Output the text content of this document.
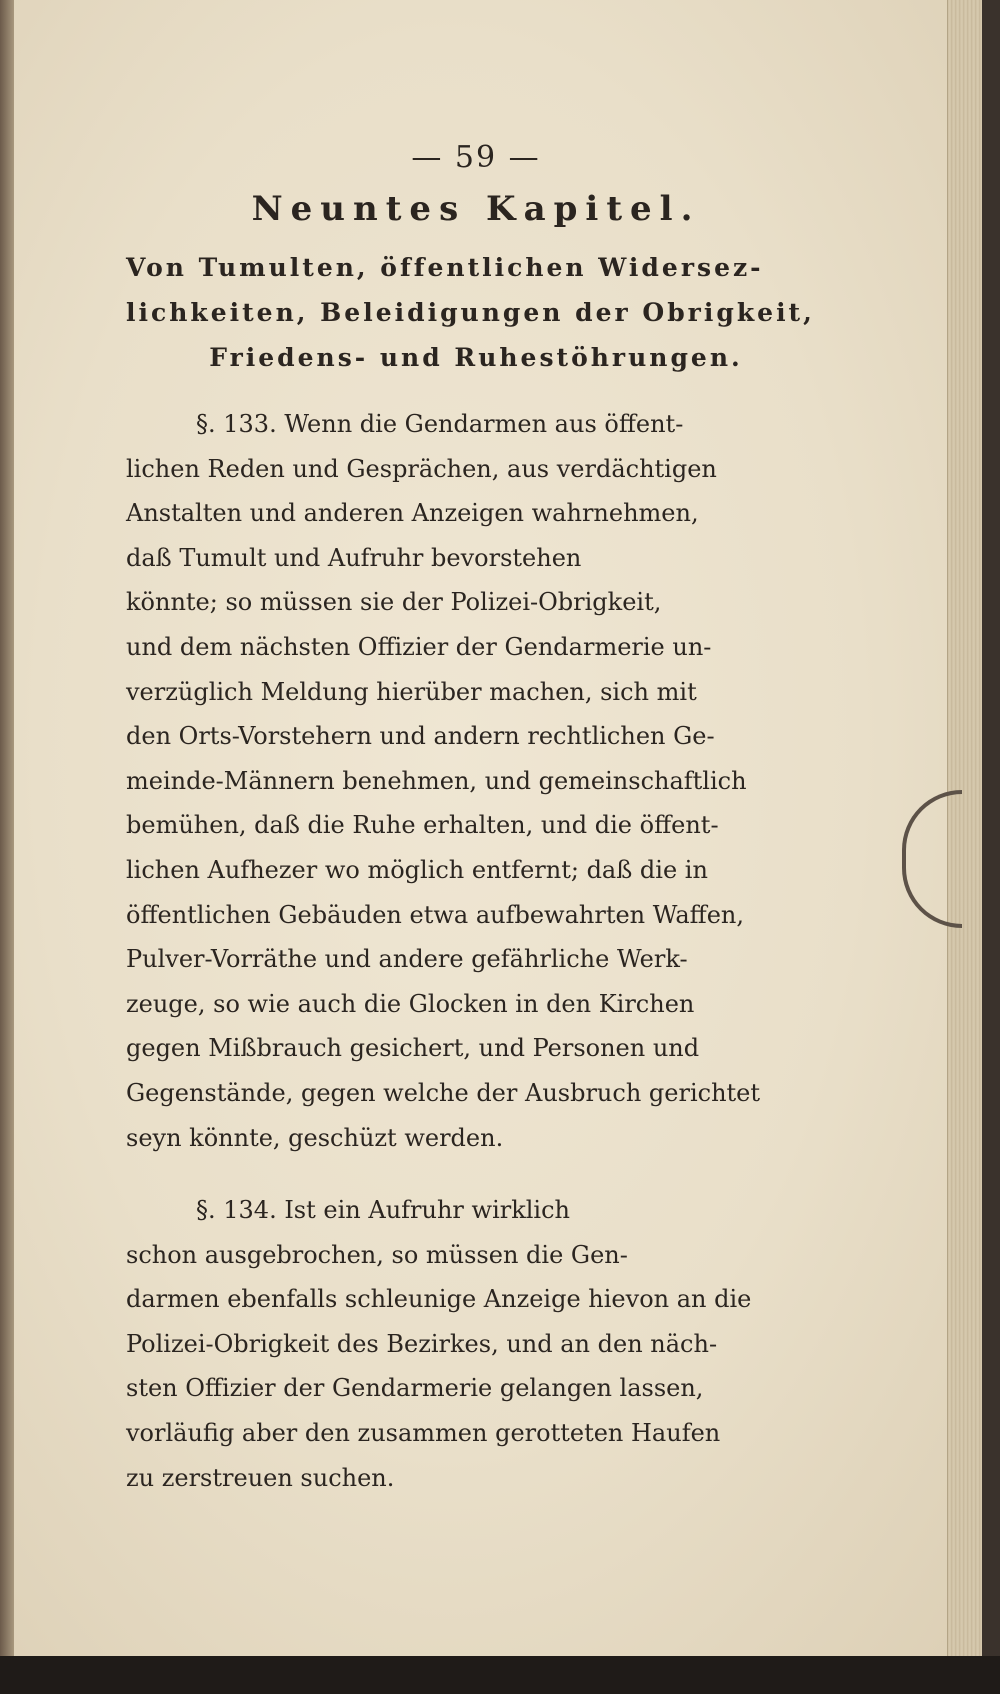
— 59 —
Neuntes Kapitel.
Von Tumulten, öffentlichen Widersez-
lichkeiten, Beleidigungen der Obrigkeit,
Friedens- und Ruhestöhrungen.
§. 133. Wenn die Gendarmen aus öffent-
lichen Reden und Gesprächen, aus verdächtigen
Anstalten und anderen Anzeigen wahrnehmen,
daß Tumult und Aufruhr bevorstehen
könnte; so müssen sie der Polizei-Obrigkeit,
und dem nächsten Offizier der Gendarmerie un-
verzüglich Meldung hierüber machen, sich mit
den Orts-Vorstehern und andern rechtlichen Ge-
meinde-Männern benehmen, und gemeinschaftlich
bemühen, daß die Ruhe erhalten, und die öffent-
lichen Aufhezer wo möglich entfernt; daß die in
öffentlichen Gebäuden etwa aufbewahrten Waffen,
Pulver-Vorräthe und andere gefährliche Werk-
zeuge, so wie auch die Glocken in den Kirchen
gegen Mißbrauch gesichert, und Personen und
Gegenstände, gegen welche der Ausbruch gerichtet
seyn könnte, geschüzt werden.
§. 134. Ist ein Aufruhr wirklich
schon ausgebrochen, so müssen die Gen-
darmen ebenfalls schleunige Anzeige hievon an die
Polizei-Obrigkeit des Bezirkes, und an den näch-
sten Offizier der Gendarmerie gelangen lassen,
vorläufig aber den zusammen gerotteten Haufen
zu zerstreuen suchen.
